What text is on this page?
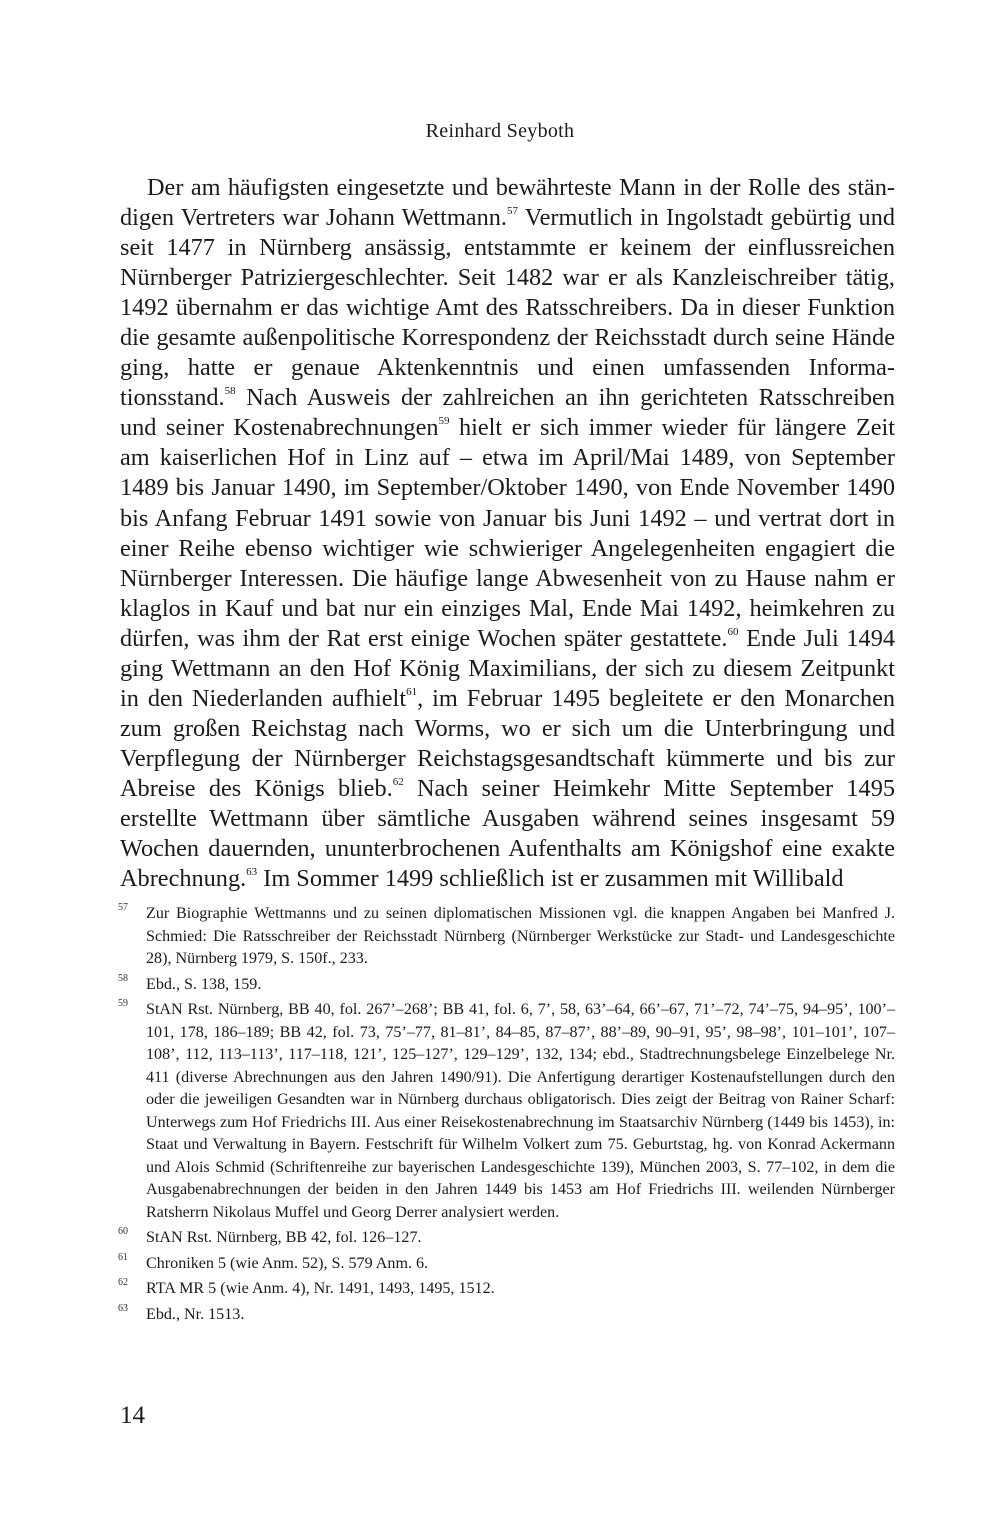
Reinhard Seyboth

Der am häufigsten eingesetzte und bewährteste Mann in der Rolle des ständigen Vertreters war Johann Wettmann.$^{57}$ Vermutlich in Ingolstadt gebürtig und seit 1477 in Nürnberg ansässig, entstammte er keinem der einflussreichen Nürnberger Patriziergeschlechter. Seit 1482 war er als Kanzleischreiber tätig, 1492 übernahm er das wichtige Amt des Ratsschreibers. Da in dieser Funktion die gesamte außenpolitische Korrespondenz der Reichsstadt durch seine Hände ging, hatte er genaue Aktenkenntnis und einen umfassenden Informationsstand.$^{58}$ Nach Ausweis der zahlreichen an ihn gerichteten Ratsschreiben und seiner Kostenabrechnungen$^{59}$ hielt er sich immer wieder für längere Zeit am kaiserlichen Hof in Linz auf – etwa im April/Mai 1489, von September 1489 bis Januar 1490, im September/Oktober 1490, von Ende November 1490 bis Anfang Februar 1491 sowie von Januar bis Juni 1492 – und vertrat dort in einer Reihe ebenso wichtiger wie schwieriger Angelegenheiten engagiert die Nürnberger Interessen. Die häufige lange Abwesenheit von zu Hause nahm er klaglos in Kauf und bat nur ein einziges Mal, Ende Mai 1492, heimkehren zu dürfen, was ihm der Rat erst einige Wochen später gestattete.$^{60}$ Ende Juli 1494 ging Wettmann an den Hof König Maximilians, der sich zu diesem Zeitpunkt in den Niederlanden aufhielt$^{61}$, im Februar 1495 begleitete er den Monarchen zum großen Reichstag nach Worms, wo er sich um die Unterbringung und Verpflegung der Nürnberger Reichstagsgesandtschaft kümmerte und bis zur Abreise des Königs blieb.$^{62}$ Nach seiner Heimkehr Mitte September 1495 erstellte Wettmann über sämtliche Ausgaben während seines insgesamt 59 Wochen dauernden, ununterbrochenen Aufenthalts am Königshof eine exakte Abrechnung.$^{63}$ Im Sommer 1499 schließlich ist er zusammen mit Willibald

57 Zur Biographie Wettmanns und zu seinen diplomatischen Missionen vgl. die knappen Angaben bei Manfred J. Schmied: Die Ratsschreiber der Reichsstadt Nürnberg (Nürnberger Werkstücke zur Stadt- und Landesgeschichte 28), Nürnberg 1979, S. 150f., 233.
58 Ebd., S. 138, 159.
59 StAN Rst. Nürnberg, BB 40, fol. 267’–268’; BB 41, fol. 6, 7’, 58, 63’–64, 66’–67, 71’–72, 74’–75, 94–95’, 100’–101, 178, 186–189; BB 42, fol. 73, 75’–77, 81–81’, 84–85, 87–87’, 88’–89, 90–91, 95’, 98–98’, 101–101’, 107–108’, 112, 113–113’, 117–118, 121’, 125–127’, 129–129’, 132, 134; ebd., Stadtrechnungsbelege Einzelbelege Nr. 411 (diverse Abrechnungen aus den Jahren 1490/91). Die Anfertigung derartiger Kostenaufstellungen durch den oder die jeweiligen Gesandten war in Nürnberg durchaus obligatorisch. Dies zeigt der Beitrag von Rainer Scharf: Unterwegs zum Hof Friedrichs III. Aus einer Reisekostenabrechnung im Staatsarchiv Nürnberg (1449 bis 1453), in: Staat und Verwaltung in Bayern. Festschrift für Wilhelm Volkert zum 75. Geburtstag, hg. von Konrad Ackermann und Alois Schmid (Schriftenreihe zur bayerischen Landesgeschichte 139), München 2003, S. 77–102, in dem die Ausgabenabrechnungen der beiden in den Jahren 1449 bis 1453 am Hof Friedrichs III. weilenden Nürnberger Ratsherrn Nikolaus Muffel und Georg Derrer analysiert werden.
60 StAN Rst. Nürnberg, BB 42, fol. 126–127.
61 Chroniken 5 (wie Anm. 52), S. 579 Anm. 6.
62 RTA MR 5 (wie Anm. 4), Nr. 1491, 1493, 1495, 1512.
63 Ebd., Nr. 1513.
14
